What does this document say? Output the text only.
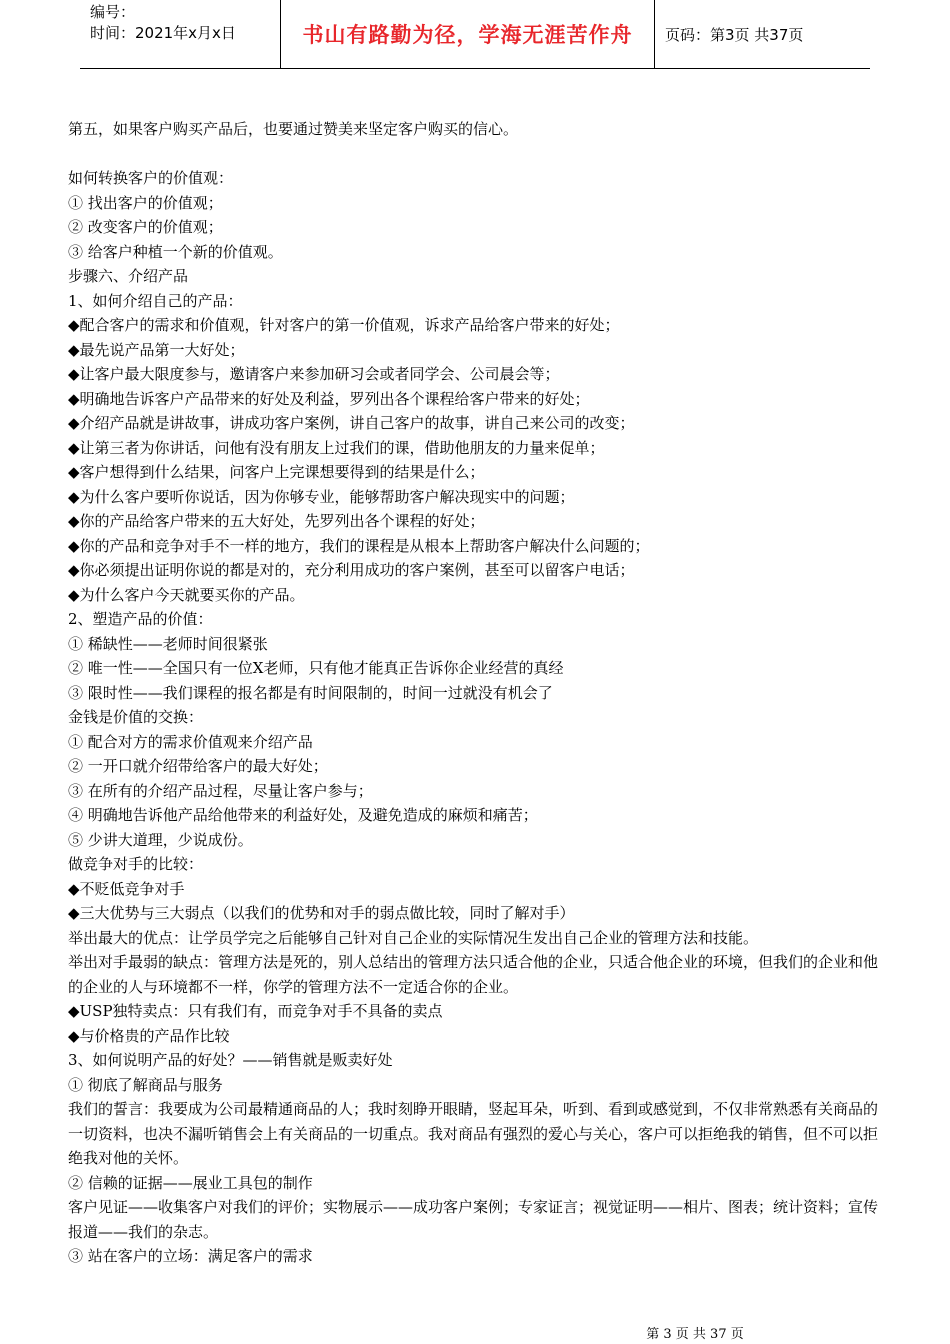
编号：
时间：2021年x月x日	书山有路勤为径，学海无涯苦作舟	页码：第3页 共37页
第五，如果客户购买产品后，也要通过赞美来坚定客户购买的信心。
如何转换客户的价值观：
① 找出客户的价值观；
② 改变客户的价值观；
③ 给客户种植一个新的价值观。
步骤六、介绍产品
1、如何介绍自己的产品：
◆配合客户的需求和价值观，针对客户的第一价值观，诉求产品给客户带来的好处；
◆最先说产品第一大好处；
◆让客户最大限度参与，邀请客户来参加研习会或者同学会、公司晨会等；
◆明确地告诉客户产品带来的好处及利益，罗列出各个课程给客户带来的好处；
◆介绍产品就是讲故事，讲成功客户案例，讲自己客户的故事，讲自己来公司的改变；
◆让第三者为你讲话，问他有没有朋友上过我们的课，借助他朋友的力量来促单；
◆客户想得到什么结果，问客户上完课想要得到的结果是什么；
◆为什么客户要听你说话，因为你够专业，能够帮助客户解决现实中的问题；
◆你的产品给客户带来的五大好处，先罗列出各个课程的好处；
◆你的产品和竞争对手不一样的地方，我们的课程是从根本上帮助客户解决什么问题的；
◆你必须提出证明你说的都是对的，充分利用成功的客户案例，甚至可以留客户电话；
◆为什么客户今天就要买你的产品。
2、塑造产品的价值：
① 稀缺性——老师时间很紧张
② 唯一性——全国只有一位X老师，只有他才能真正告诉你企业经营的真经
③ 限时性——我们课程的报名都是有时间限制的，时间一过就没有机会了
金钱是价值的交换：
① 配合对方的需求价值观来介绍产品
② 一开口就介绍带给客户的最大好处；
③ 在所有的介绍产品过程，尽量让客户参与；
④ 明确地告诉他产品给他带来的利益好处，及避免造成的麻烦和痛苦；
⑤ 少讲大道理，少说成份。
做竞争对手的比较：
◆不贬低竞争对手
◆三大优势与三大弱点（以我们的优势和对手的弱点做比较，同时了解对手）
举出最大的优点：让学员学完之后能够自己针对自己企业的实际情况生发出自己企业的管理方法和技能。
举出对手最弱的缺点：管理方法是死的，别人总结出的管理方法只适合他的企业，只适合他企业的环境，但我们的企业和他的企业的人与环境都不一样，你学的管理方法不一定适合你的企业。
◆USP独特卖点：只有我们有，而竞争对手不具备的卖点
◆与价格贵的产品作比较
3、如何说明产品的好处？——销售就是贩卖好处
① 彻底了解商品与服务
我们的誓言：我要成为公司最精通商品的人；我时刻睁开眼睛，竖起耳朵，听到、看到或感觉到，不仅非常熟悉有关商品的一切资料，也决不漏听销售会上有关商品的一切重点。我对商品有强烈的爱心与关心，客户可以拒绝我的销售，但不可以拒绝我对他的关怀。
② 信赖的证据——展业工具包的制作
客户见证——收集客户对我们的评价；实物展示——成功客户案例；专家证言；视觉证明——相片、图表；统计资料；宣传报道——我们的杂志。
③ 站在客户的立场：满足客户的需求
第 3 页 共 37 页
